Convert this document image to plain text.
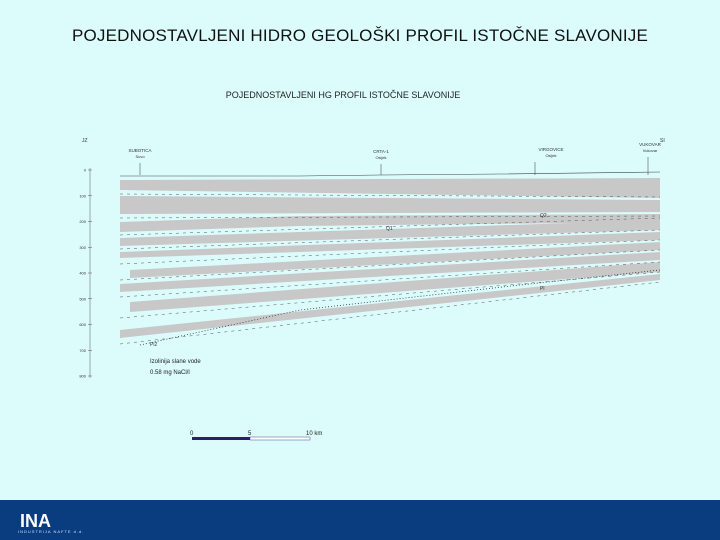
POJEDNOSTAVLJENI HIDRO GEOLOŠKI PROFIL ISTOČNE SLAVONIJE
POJEDNOSTAVLJENI HG PROFIL ISTOČNE SLAVONIJE
JZ	SI
0
100
200
300
400
500
600
700
800
SUBOTICA
Suvo
CRTA-1
Osijek
VIRGOVICE
Osijek
VUKOVAR
Vukovar
Q1
Q2
Pl
Pl2
Izolinija slane vode
0.58 mg NaCl/l
0	5	10 km
INA
INDUSTRIJA NAFTE d.d.
